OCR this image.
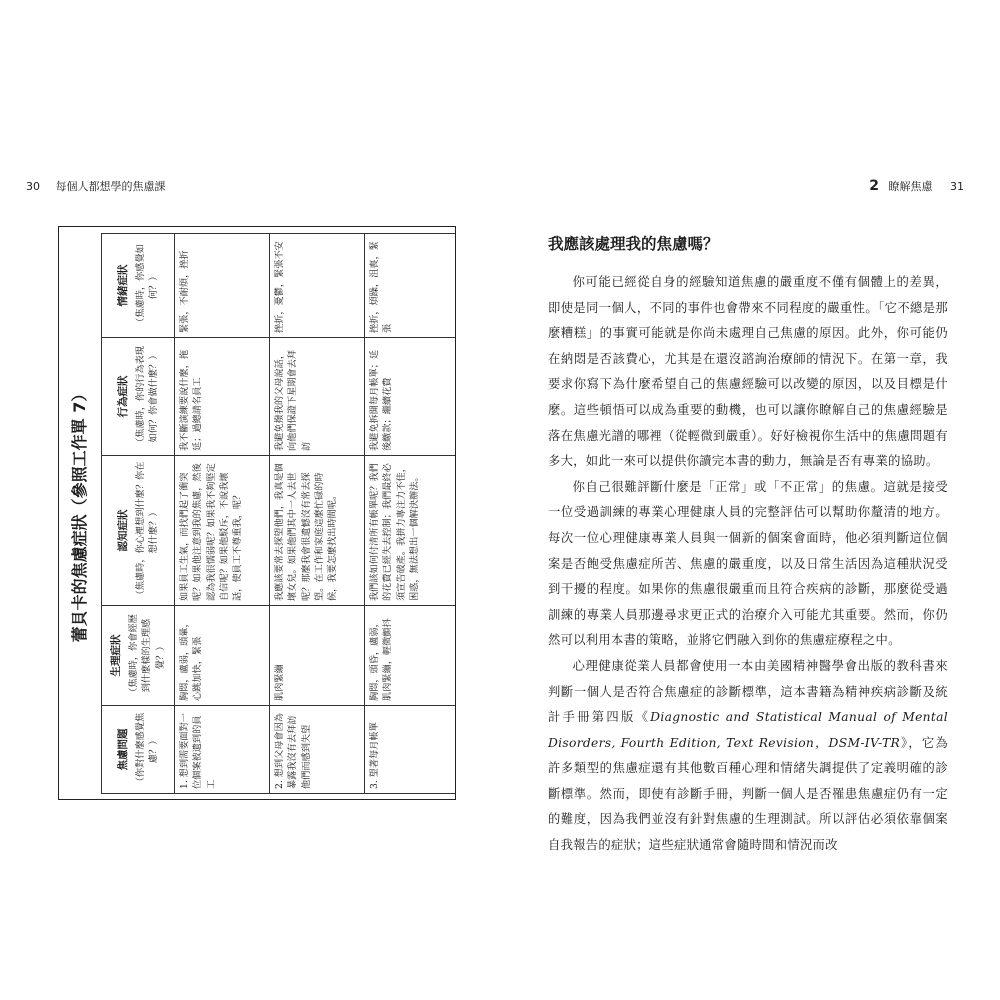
30 每個人都想學的焦慮課	2 瞭解焦慮 31
蕾貝卡的焦慮症狀（參照工作單 7）
焦慮問題 （你對什麼感覺焦慮？）	生理症狀 （焦慮時，你會經歷到什麼樣的生理感覺？）	認知症狀 （焦慮時，你心裡想到什麼？你在想什麼？）	行為症狀 （焦慮時，你的行為表現如何？你會做什麼？）	情緒症狀 （焦慮時，你感覺如何？）

1. 想到需要面對一位個案被遺到的員工	胸悶，盧弱，頭暈，心跳加快，緊張	如果員工生氣，而找們起了衝突呢？如果他注意到我的焦慮，然後認為我很懦弱呢？如果我不夠堅定自信呢？如果他駁斥，不說我壞話，使員工不尊重我，呢？	我不斷演練要說什麼，拖延；過總請名員工	緊張，不耐煩，挫折
2. 想到父母會因為暴露我沒有去拜訪他們而感到失望	肌肉緊繃	我應該要常去探望他們，我真是個壞女兒。如果他們其中一人去世呢？那麼我會很遺憾沒有常去探望。在工作和家庭這麼忙碌的時候，我要怎麼找出時間呢。	我避免撥我的父母說話，向他們保證下星期會去拜訪	挫折，憂鬱，緊張不安
3. 望著每月帳單	胸悶，頭昏，盧弱，肌肉緊繃，輕微顫抖	我們該如何付清所有帳單呢？我們的花費已經失去控制；我們最終必須宣告破產。我拼力專注力不佳，困惑，無法想出一個解決辦法。	我避免拆開每月帳單；延後繳款；繼續花費	挫折，煩躁，沮喪，緊張
我應該處理我的焦慮嗎？

你可能已經從自身的經驗知道焦慮的嚴重度不僅有個體上的差異，即使是同一個人，不同的事件也會帶來不同程度的嚴重性。「它不總是那麼糟糕」的事實可能就是你尚未處理自己焦慮的原因。此外，你可能仍在納悶是否該費心，尤其是在還沒諮詢治療師的情況下。在第一章，我要求你寫下為什麼希望自己的焦慮經驗可以改變的原因，以及目標是什麼。這些頓悟可以成為重要的動機，也可以讓你瞭解自己的焦慮經驗是落在焦慮光譜的哪裡（從輕微到嚴重）。好好檢視你生活中的焦慮問題有多大，如此一來可以提供你讀完本書的動力，無論是否有專業的協助。

你自己很難評斷什麼是「正常」或「不正常」的焦慮。這就是接受一位受過訓練的專業心理健康人員的完整評估可以幫助你釐清的地方。每次一位心理健康專業人員與一個新的個案會面時，他必須判斷這位個案是否飽受焦慮症所苦、焦慮的嚴重度，以及日常生活因為這種狀況受到干擾的程度。如果你的焦慮很嚴重而且符合疾病的診斷，那麼從受過訓練的專業人員那邊尋求更正式的治療介入可能尤其重要。然而，你仍然可以利用本書的策略，並將它們融入到你的焦慮症療程之中。

心理健康從業人員都會使用一本由美國精神醫學會出版的教科書來判斷一個人是否符合焦慮症的診斷標準，這本書籍為精神疾病診斷及統計手冊第四版《Diagnostic and Statistical Manual of Mental Disorders, Fourth Edition, Text Revision，DSM-IV-TR》，它為許多類型的焦慮症還有其他數百種心理和情緒失調提供了定義明確的診斷標準。然而，即使有診斷手冊，判斷一個人是否罹患焦慮症仍有一定的難度，因為我們並沒有針對焦慮的生理測試。所以評估必須依靠個案自我報告的症狀；這些症狀通常會隨時間和情況而改
